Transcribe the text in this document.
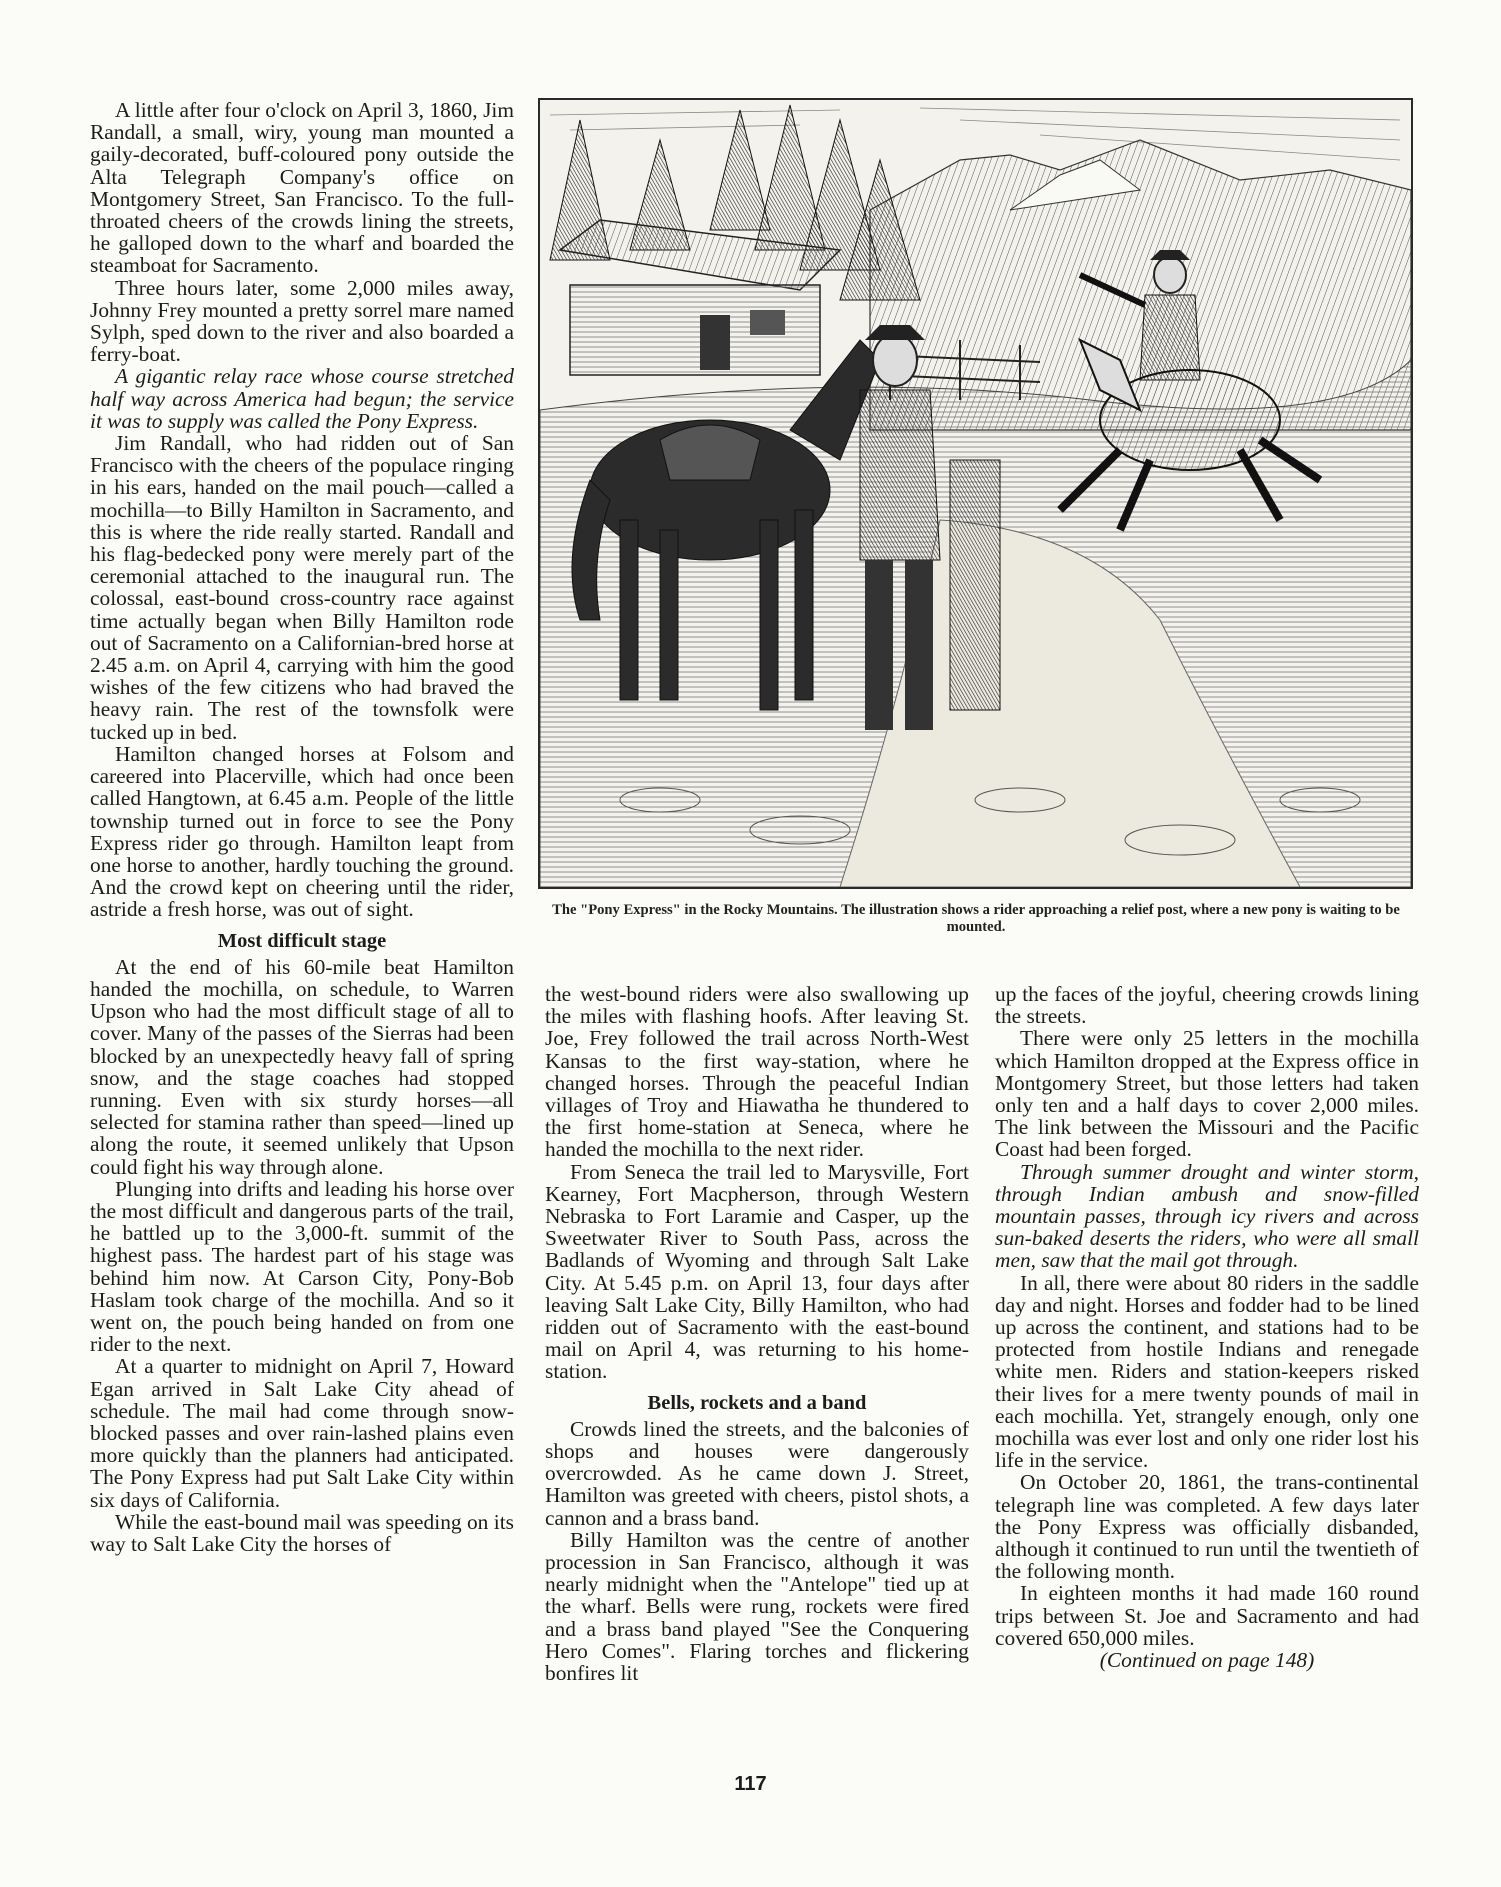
A little after four o'clock on April 3, 1860, Jim Randall, a small, wiry, young man mounted a gaily-decorated, buff-coloured pony outside the Alta Telegraph Company's office on Montgomery Street, San Francisco. To the full-throated cheers of the crowds lining the streets, he galloped down to the wharf and boarded the steamboat for Sacramento.

Three hours later, some 2,000 miles away, Johnny Frey mounted a pretty sorrel mare named Sylph, sped down to the river and also boarded a ferry-boat.

A gigantic relay race whose course stretched half way across America had begun; the service it was to supply was called the Pony Express.

Jim Randall, who had ridden out of San Francisco with the cheers of the populace ringing in his ears, handed on the mail pouch—called a mochilla—to Billy Hamilton in Sacramento, and this is where the ride really started. Randall and his flag-bedecked pony were merely part of the ceremonial attached to the inaugural run. The colossal, east-bound cross-country race against time actually began when Billy Hamilton rode out of Sacramento on a Californian-bred horse at 2.45 a.m. on April 4, carrying with him the good wishes of the few citizens who had braved the heavy rain. The rest of the townsfolk were tucked up in bed.

Hamilton changed horses at Folsom and careered into Placerville, which had once been called Hangtown, at 6.45 a.m. People of the little township turned out in force to see the Pony Express rider go through. Hamilton leapt from one horse to another, hardly touching the ground. And the crowd kept on cheering until the rider, astride a fresh horse, was out of sight.

Most difficult stage

At the end of his 60-mile beat Hamilton handed the mochilla, on schedule, to Warren Upson who had the most difficult stage of all to cover. Many of the passes of the Sierras had been blocked by an unexpectedly heavy fall of spring snow, and the stage coaches had stopped running. Even with six sturdy horses—all selected for stamina rather than speed—lined up along the route, it seemed unlikely that Upson could fight his way through alone.

Plunging into drifts and leading his horse over the most difficult and dangerous parts of the trail, he battled up to the 3,000-ft. summit of the highest pass. The hardest part of his stage was behind him now. At Carson City, Pony-Bob Haslam took charge of the mochilla. And so it went on, the pouch being handed on from one rider to the next.

At a quarter to midnight on April 7, Howard Egan arrived in Salt Lake City ahead of schedule. The mail had come through snow-blocked passes and over rain-lashed plains even more quickly than the planners had anticipated. The Pony Express had put Salt Lake City within six days of California.

While the east-bound mail was speeding on its way to Salt Lake City the horses of

The "Pony Express" in the Rocky Mountains. The illustration shows a rider approaching a relief post, where a new pony is waiting to be mounted.

the west-bound riders were also swallowing up the miles with flashing hoofs. After leaving St. Joe, Frey followed the trail across North-West Kansas to the first way-station, where he changed horses. Through the peaceful Indian villages of Troy and Hiawatha he thundered to the first home-station at Seneca, where he handed the mochilla to the next rider.

From Seneca the trail led to Marysville, Fort Kearney, Fort Macpherson, through Western Nebraska to Fort Laramie and Casper, up the Sweetwater River to South Pass, across the Badlands of Wyoming and through Salt Lake City. At 5.45 p.m. on April 13, four days after leaving Salt Lake City, Billy Hamilton, who had ridden out of Sacramento with the east-bound mail on April 4, was returning to his home-station.

Bells, rockets and a band

Crowds lined the streets, and the balconies of shops and houses were dangerously overcrowded. As he came down J. Street, Hamilton was greeted with cheers, pistol shots, a cannon and a brass band.

Billy Hamilton was the centre of another procession in San Francisco, although it was nearly midnight when the "Antelope" tied up at the wharf. Bells were rung, rockets were fired and a brass band played "See the Conquering Hero Comes". Flaring torches and flickering bonfires lit

up the faces of the joyful, cheering crowds lining the streets.

There were only 25 letters in the mochilla which Hamilton dropped at the Express office in Montgomery Street, but those letters had taken only ten and a half days to cover 2,000 miles. The link between the Missouri and the Pacific Coast had been forged.

Through summer drought and winter storm, through Indian ambush and snow-filled mountain passes, through icy rivers and across sun-baked deserts the riders, who were all small men, saw that the mail got through.

In all, there were about 80 riders in the saddle day and night. Horses and fodder had to be lined up across the continent, and stations had to be protected from hostile Indians and renegade white men. Riders and station-keepers risked their lives for a mere twenty pounds of mail in each mochilla. Yet, strangely enough, only one mochilla was ever lost and only one rider lost his life in the service.

On October 20, 1861, the trans-continental telegraph line was completed. A few days later the Pony Express was officially disbanded, although it continued to run until the twentieth of the following month.

In eighteen months it had made 160 round trips between St. Joe and Sacramento and had covered 650,000 miles.

(Continued on page 148)

117
